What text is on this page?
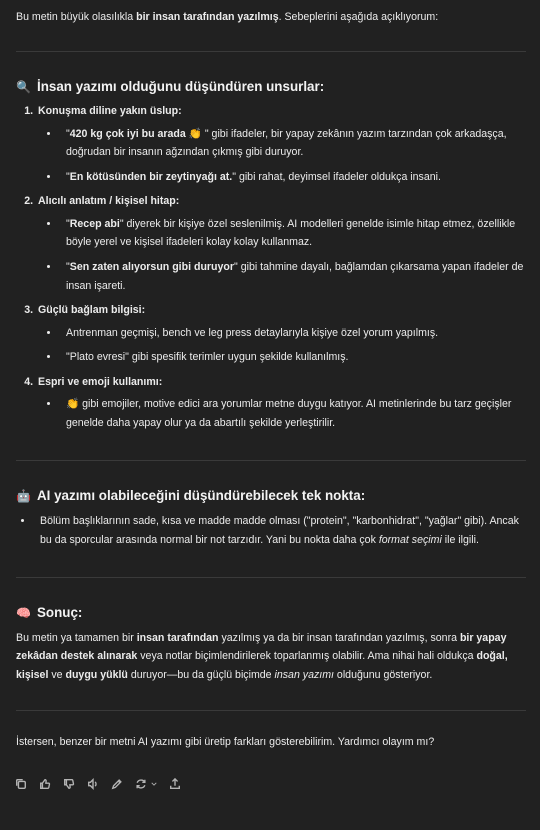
Bu metin büyük olasılıkla bir insan tarafından yazılmış. Sebeplerini aşağıda açıklıyorum:

🔍 İnsan yazımı olduğunu düşündüren unsurlar:
1. Konuşma diline yakın üslup:
• "420 kg çok iyi bu arada 👏 " gibi ifadeler, bir yapay zekânın yazım tarzından çok arkadaşça, doğrudan bir insanın ağzından çıkmış gibi duruyor.
• "En kötüsünden bir zeytinyağı at." gibi rahat, deyimsel ifadeler oldukça insani.
2. Alıcılı anlatım / kişisel hitap:
• "Recep abi" diyerek bir kişiye özel seslenilmiş. AI modelleri genelde isimle hitap etmez, özellikle böyle yerel ve kişisel ifadeleri kolay kolay kullanmaz.
• "Sen zaten alıyorsun gibi duruyor" gibi tahmine dayalı, bağlamdan çıkarsama yapan ifadeler de insan işareti.
3. Güçlü bağlam bilgisi:
• Antrenman geçmişi, bench ve leg press detaylarıyla kişiye özel yorum yapılmış.
• "Plato evresi" gibi spesifik terimler uygun şekilde kullanılmış.
4. Espri ve emoji kullanımı:
• 👏 gibi emojiler, motive edici ara yorumlar metne duygu katıyor. AI metinlerinde bu tarz geçişler genelde daha yapay olur ya da abartılı şekilde yerleştirilir.
🤖 AI yazımı olabileceğini düşündürebilecek tek nokta:
• Bölüm başlıklarının sade, kısa ve madde madde olması ("protein", "karbonhidrat", "yağlar" gibi). Ancak bu da sporcular arasında normal bir not tarzıdır. Yani bu nokta daha çok format seçimi ile ilgili.
🧠 Sonuç:

Bu metin ya tamamen bir insan tarafından yazılmış ya da bir insan tarafından yazılmış, sonra bir yapay zekâdan destek alınarak veya notlar biçimlendirilerek toparlanmış olabilir. Ama nihai hali oldukça doğal, kişisel ve duygu yüklü duruyor—bu da güçlü biçimde insan yazımı olduğunu gösteriyor.

İstersen, benzer bir metni AI yazımı gibi üretip farkları gösterebilirim. Yardımcı olayım mı?
